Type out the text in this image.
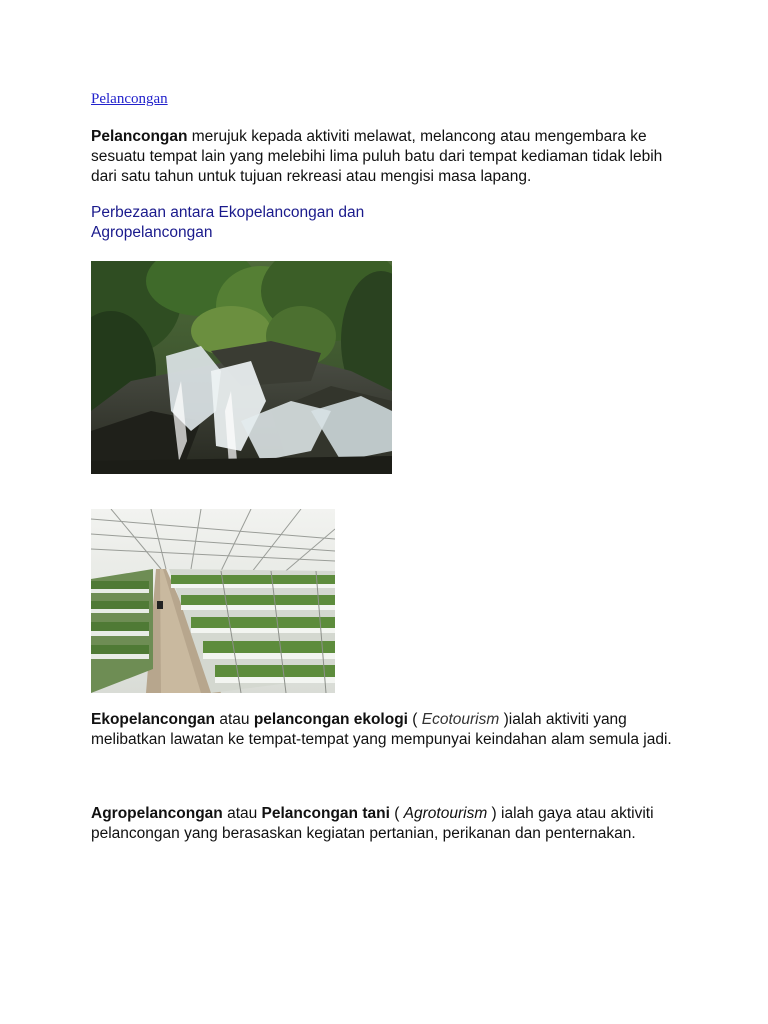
Pelancongan

Pelancongan merujuk kepada aktiviti melawat, melancong atau mengembara ke sesuatu tempat lain yang melebihi lima puluh batu dari tempat kediaman tidak lebih dari satu tahun untuk tujuan rekreasi atau mengisi masa lapang.

Perbezaan antara Ekopelancongan dan
Agropelancongan

Ekopelancongan atau pelancongan ekologi ( Ecotourism )ialah aktiviti yang melibatkan lawatan ke tempat-tempat yang mempunyai keindahan alam semula jadi.

Agropelancongan atau Pelancongan tani ( Agrotourism ) ialah gaya atau aktiviti pelancongan yang berasaskan kegiatan pertanian, perikanan dan penternakan.
